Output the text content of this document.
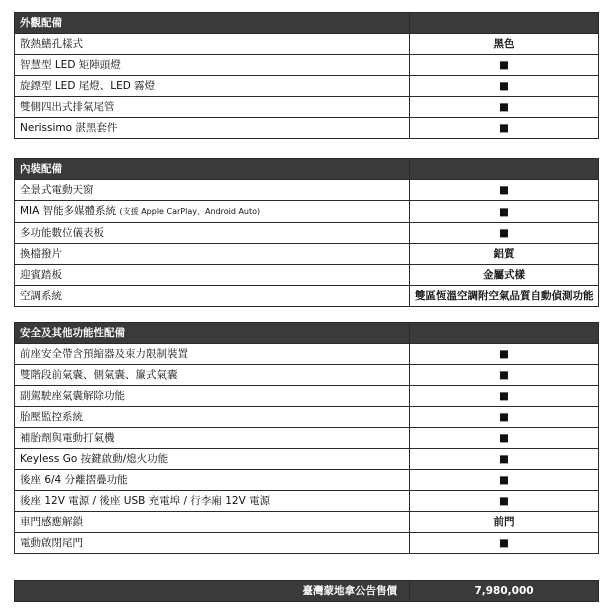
外觀配備	
散熱鰭孔樣式	黑色
智慧型 LED 矩陣頭燈	■
旋鏢型 LED 尾燈、LED 霧燈	■
雙側四出式排氣尾管	■
Nerissimo 湛黑套件	■
內裝配備	
全景式電動天窗	■
MIA 智能多媒體系統 (支援 Apple CarPlay、Android Auto)	■
多功能數位儀表板	■
換檔撥片	鋁質
迎賓踏板	金屬式樣
空調系統	雙區恆溫空調附空氣品質自動偵測功能
安全及其他功能性配備	
前座安全帶含預縮器及束力限制裝置	■
雙階段前氣囊、側氣囊、簾式氣囊	■
副駕駛座氣囊解除功能	■
胎壓監控系統	■
補胎劑與電動打氣機	■
Keyless Go 按鍵啟動/熄火功能	■
後座 6/4 分離摺疊功能	■
後座 12V 電源 / 後座 USB 充電埠 / 行李廂 12V 電源	■
車門感應解鎖	前門
電動啟閉尾門	■
臺灣蒙地拿公告售價	7,980,000
